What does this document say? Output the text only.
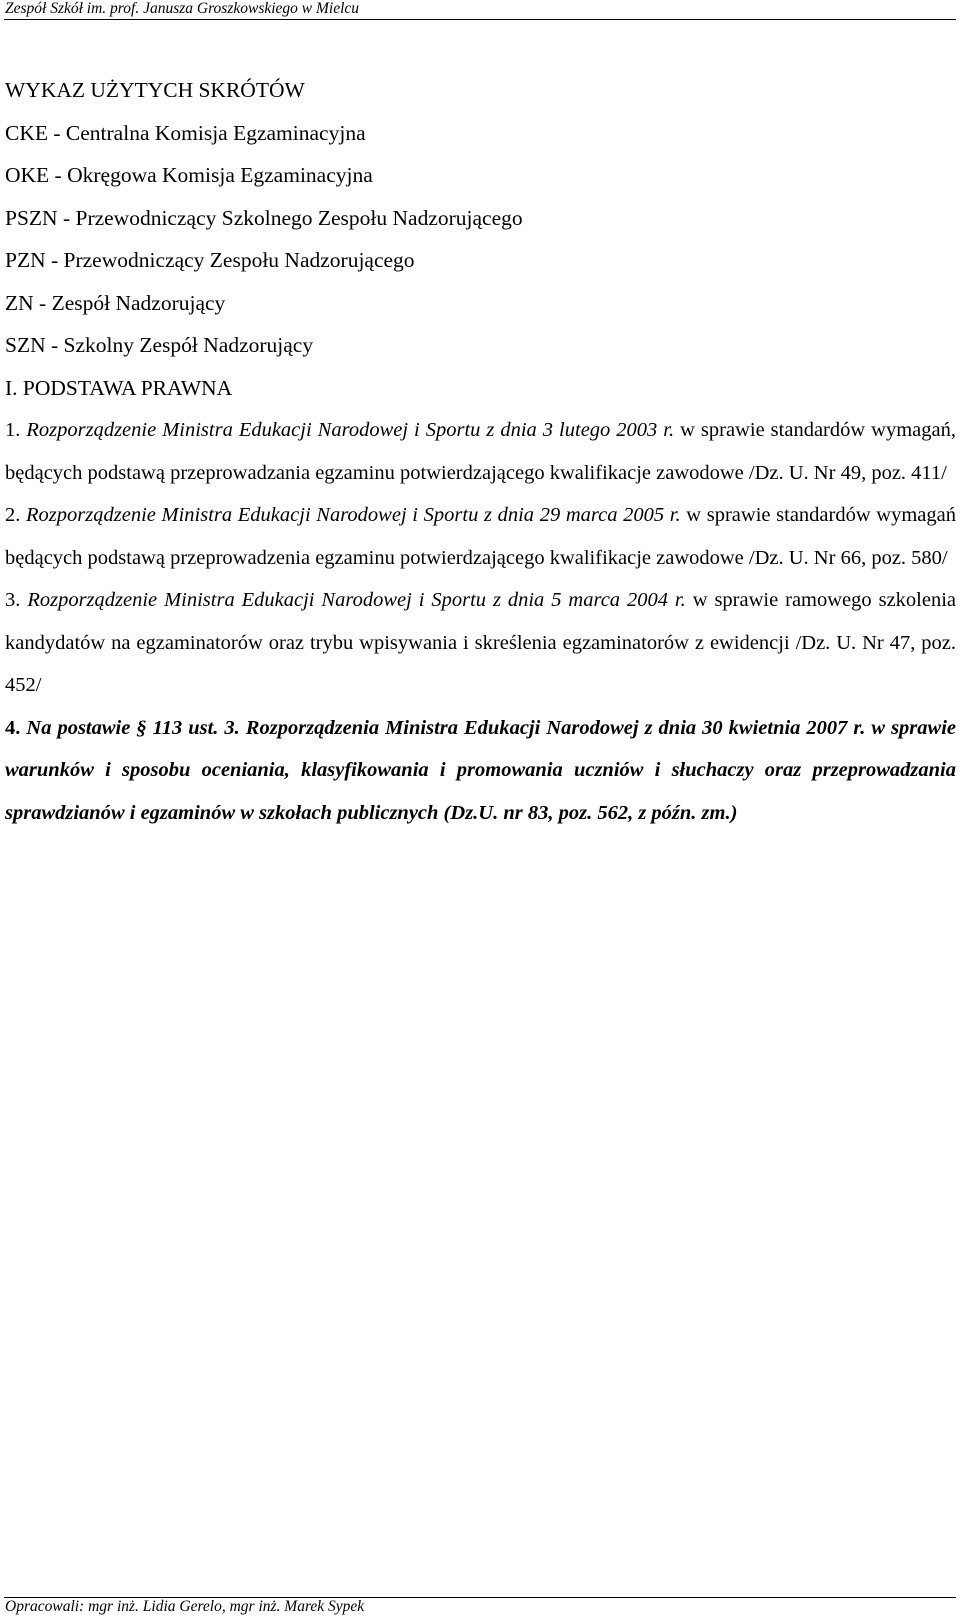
Zespół Szkół im. prof. Janusza Groszkowskiego w Mielcu
WYKAZ UŻYTYCH SKRÓTÓW
CKE - Centralna Komisja Egzaminacyjna
OKE - Okręgowa Komisja Egzaminacyjna
PSZN - Przewodniczący Szkolnego Zespołu Nadzorującego
PZN - Przewodniczący Zespołu Nadzorującego
ZN - Zespół Nadzorujący
SZN - Szkolny Zespół Nadzorujący
I. PODSTAWA PRAWNA

1. Rozporządzenie Ministra Edukacji Narodowej i Sportu z dnia 3 lutego 2003 r. w sprawie standardów wymagań, będących podstawą przeprowadzania egzaminu potwierdzającego kwalifikacje zawodowe /Dz. U. Nr 49, poz. 411/

2. Rozporządzenie Ministra Edukacji Narodowej i Sportu z dnia 29 marca 2005 r. w sprawie standardów wymagań będących podstawą przeprowadzenia egzaminu potwierdzającego kwalifikacje zawodowe /Dz. U. Nr 66, poz. 580/

3. Rozporządzenie Ministra Edukacji Narodowej i Sportu z dnia 5 marca 2004 r. w sprawie ramowego szkolenia kandydatów na egzaminatorów oraz trybu wpisywania i skreślenia egzaminatorów z ewidencji /Dz. U. Nr 47, poz. 452/

4. Na postawie § 113 ust. 3. Rozporządzenia Ministra Edukacji Narodowej z dnia 30 kwietnia 2007 r. w sprawie warunków i sposobu oceniania, klasyfikowania i promowania uczniów i słuchaczy oraz przeprowadzania sprawdzianów i egzaminów w szkołach publicznych (Dz.U. nr 83, poz. 562, z późn. zm.)

Opracowali: mgr inż. Lidia Gerelo, mgr inż. Marek Sypek
